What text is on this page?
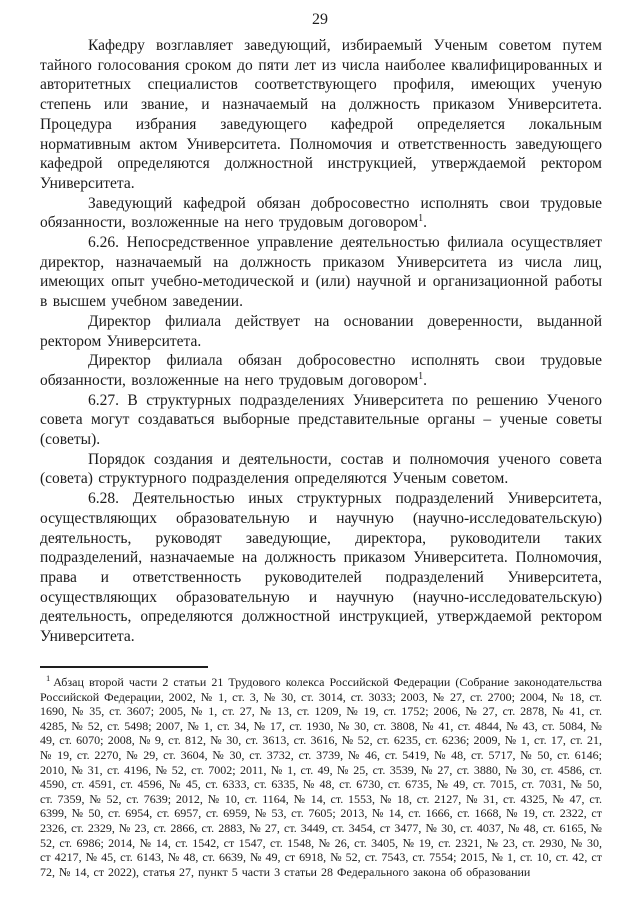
29

Кафедру возглавляет заведующий, избираемый Ученым советом путем тайного голосования сроком до пяти лет из числа наиболее квалифицированных и авторитетных специалистов соответствующего профиля, имеющих ученую степень или звание, и назначаемый на должность приказом Университета. Процедура избрания заведующего кафедрой определяется локальным нормативным актом Университета. Полномочия и ответственность заведующего кафедрой определяются должностной инструкцией, утверждаемой ректором Университета.

Заведующий кафедрой обязан добросовестно исполнять свои трудовые обязанности, возложенные на него трудовым договором$^1$.

6.26. Непосредственное управление деятельностью филиала осуществляет директор, назначаемый на должность приказом Университета из числа лиц, имеющих опыт учебно-методической и (или) научной и организационной работы в высшем учебном заведении.

Директор филиала действует на основании доверенности, выданной ректором Университета.

Директор филиала обязан добросовестно исполнять свои трудовые обязанности, возложенные на него трудовым договором$^1$.

6.27. В структурных подразделениях Университета по решению Ученого совета могут создаваться выборные представительные органы – ученые советы (советы).

Порядок создания и деятельности, состав и полномочия ученого совета (совета) структурного подразделения определяются Ученым советом.

6.28. Деятельностью иных структурных подразделений Университета, осуществляющих образовательную и научную (научно-исследовательскую) деятельность, руководят заведующие, директора, руководители таких подразделений, назначаемые на должность приказом Университета. Полномочия, права и ответственность руководителей подразделений Университета, осуществляющих образовательную и научную (научно-исследовательскую) деятельность, определяются должностной инструкцией, утверждаемой ректором Университета.

$^1$ Абзац второй части 2 статьи 21 Трудового колекса Российской Федерации (Собрание законодательства Российской Федерации, 2002, № 1, ст. 3, № 30, ст. 3014, ст. 3033; 2003, № 27, ст. 2700; 2004, № 18, ст. 1690, № 35, ст. 3607; 2005, № 1, ст. 27, № 13, ст. 1209, № 19, ст. 1752; 2006, № 27, ст. 2878, № 41, ст. 4285, № 52, ст. 5498; 2007, № 1, ст. 34, № 17, ст. 1930, № 30, ст. 3808, № 41, ст. 4844, № 43, ст. 5084, № 49, ст. 6070; 2008, № 9, ст. 812, № 30, ст. 3613, ст. 3616, № 52, ст. 6235, ст. 6236; 2009, № 1, ст. 17, ст. 21, № 19, ст. 2270, № 29, ст. 3604, № 30, ст. 3732, ст. 3739, № 46, ст. 5419, № 48, ст. 5717, № 50, ст. 6146; 2010, № 31, ст. 4196, № 52, ст. 7002; 2011, № 1, ст. 49, № 25, ст. 3539, № 27, ст. 3880, № 30, ст. 4586, ст. 4590, ст. 4591, ст. 4596, № 45, ст. 6333, ст. 6335, № 48, ст. 6730, ст. 6735, № 49, ст. 7015, ст. 7031, № 50, ст. 7359, № 52, ст. 7639; 2012, № 10, ст. 1164, № 14, ст. 1553, № 18, ст. 2127, № 31, ст. 4325, № 47, ст. 6399, № 50, ст. 6954, ст. 6957, ст. 6959, № 53, ст. 7605; 2013, № 14, ст. 1666, ст. 1668, № 19, ст. 2322, ст 2326, ст. 2329, № 23, ст. 2866, ст. 2883, № 27, ст. 3449, ст. 3454, ст 3477, № 30, ст. 4037, № 48, ст. 6165, № 52, ст. 6986; 2014, № 14, ст. 1542, ст 1547, ст. 1548, № 26, ст. 3405, № 19, ст. 2321, № 23, ст. 2930, № 30, ст 4217, № 45, ст. 6143, № 48, ст. 6639, № 49, ст 6918, № 52, ст. 7543, ст. 7554; 2015, № 1, ст. 10, ст. 42, ст 72, № 14, ст 2022), статья 27, пункт 5 части 3 статьи 28 Федерального закона об образовании
